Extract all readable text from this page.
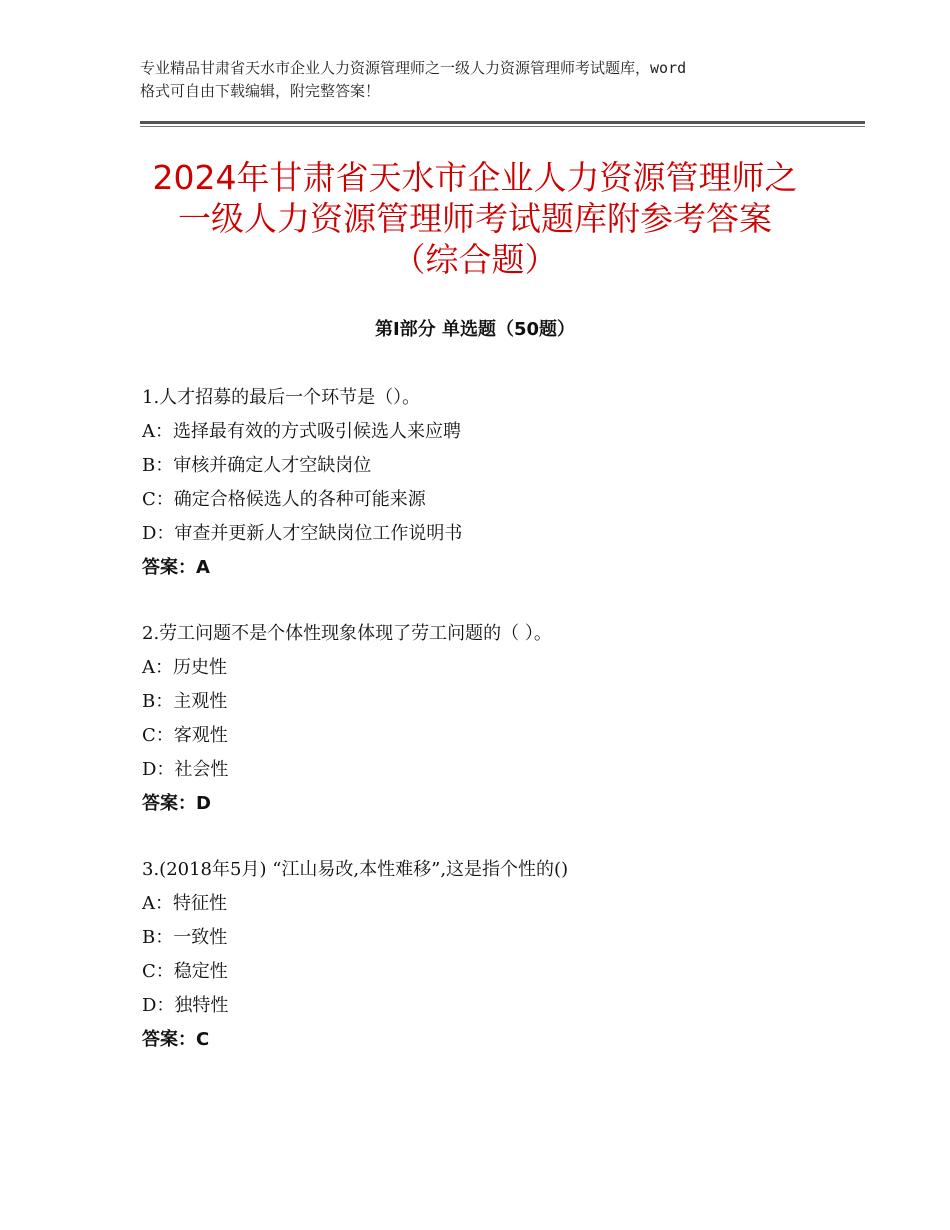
专业精品甘肃省天水市企业人力资源管理师之一级人力资源管理师考试题库，word
格式可自由下载编辑，附完整答案！
2024年甘肃省天水市企业人力资源管理师之
一级人力资源管理师考试题库附参考答案
（综合题）
第Ⅰ部分 单选题（50题）
1.人才招募的最后一个环节是（）。
A：选择最有效的方式吸引候选人来应聘
B：审核并确定人才空缺岗位
C：确定合格候选人的各种可能来源
D：审查并更新人才空缺岗位工作说明书
答案：A
2.劳工问题不是个体性现象体现了劳工问题的（ ）。
A：历史性
B：主观性
C：客观性
D：社会性
答案：D
3.(2018年5月) “江山易改,本性难移”,这是指个性的()
A：特征性
B：一致性
C：稳定性
D：独特性
答案：C
